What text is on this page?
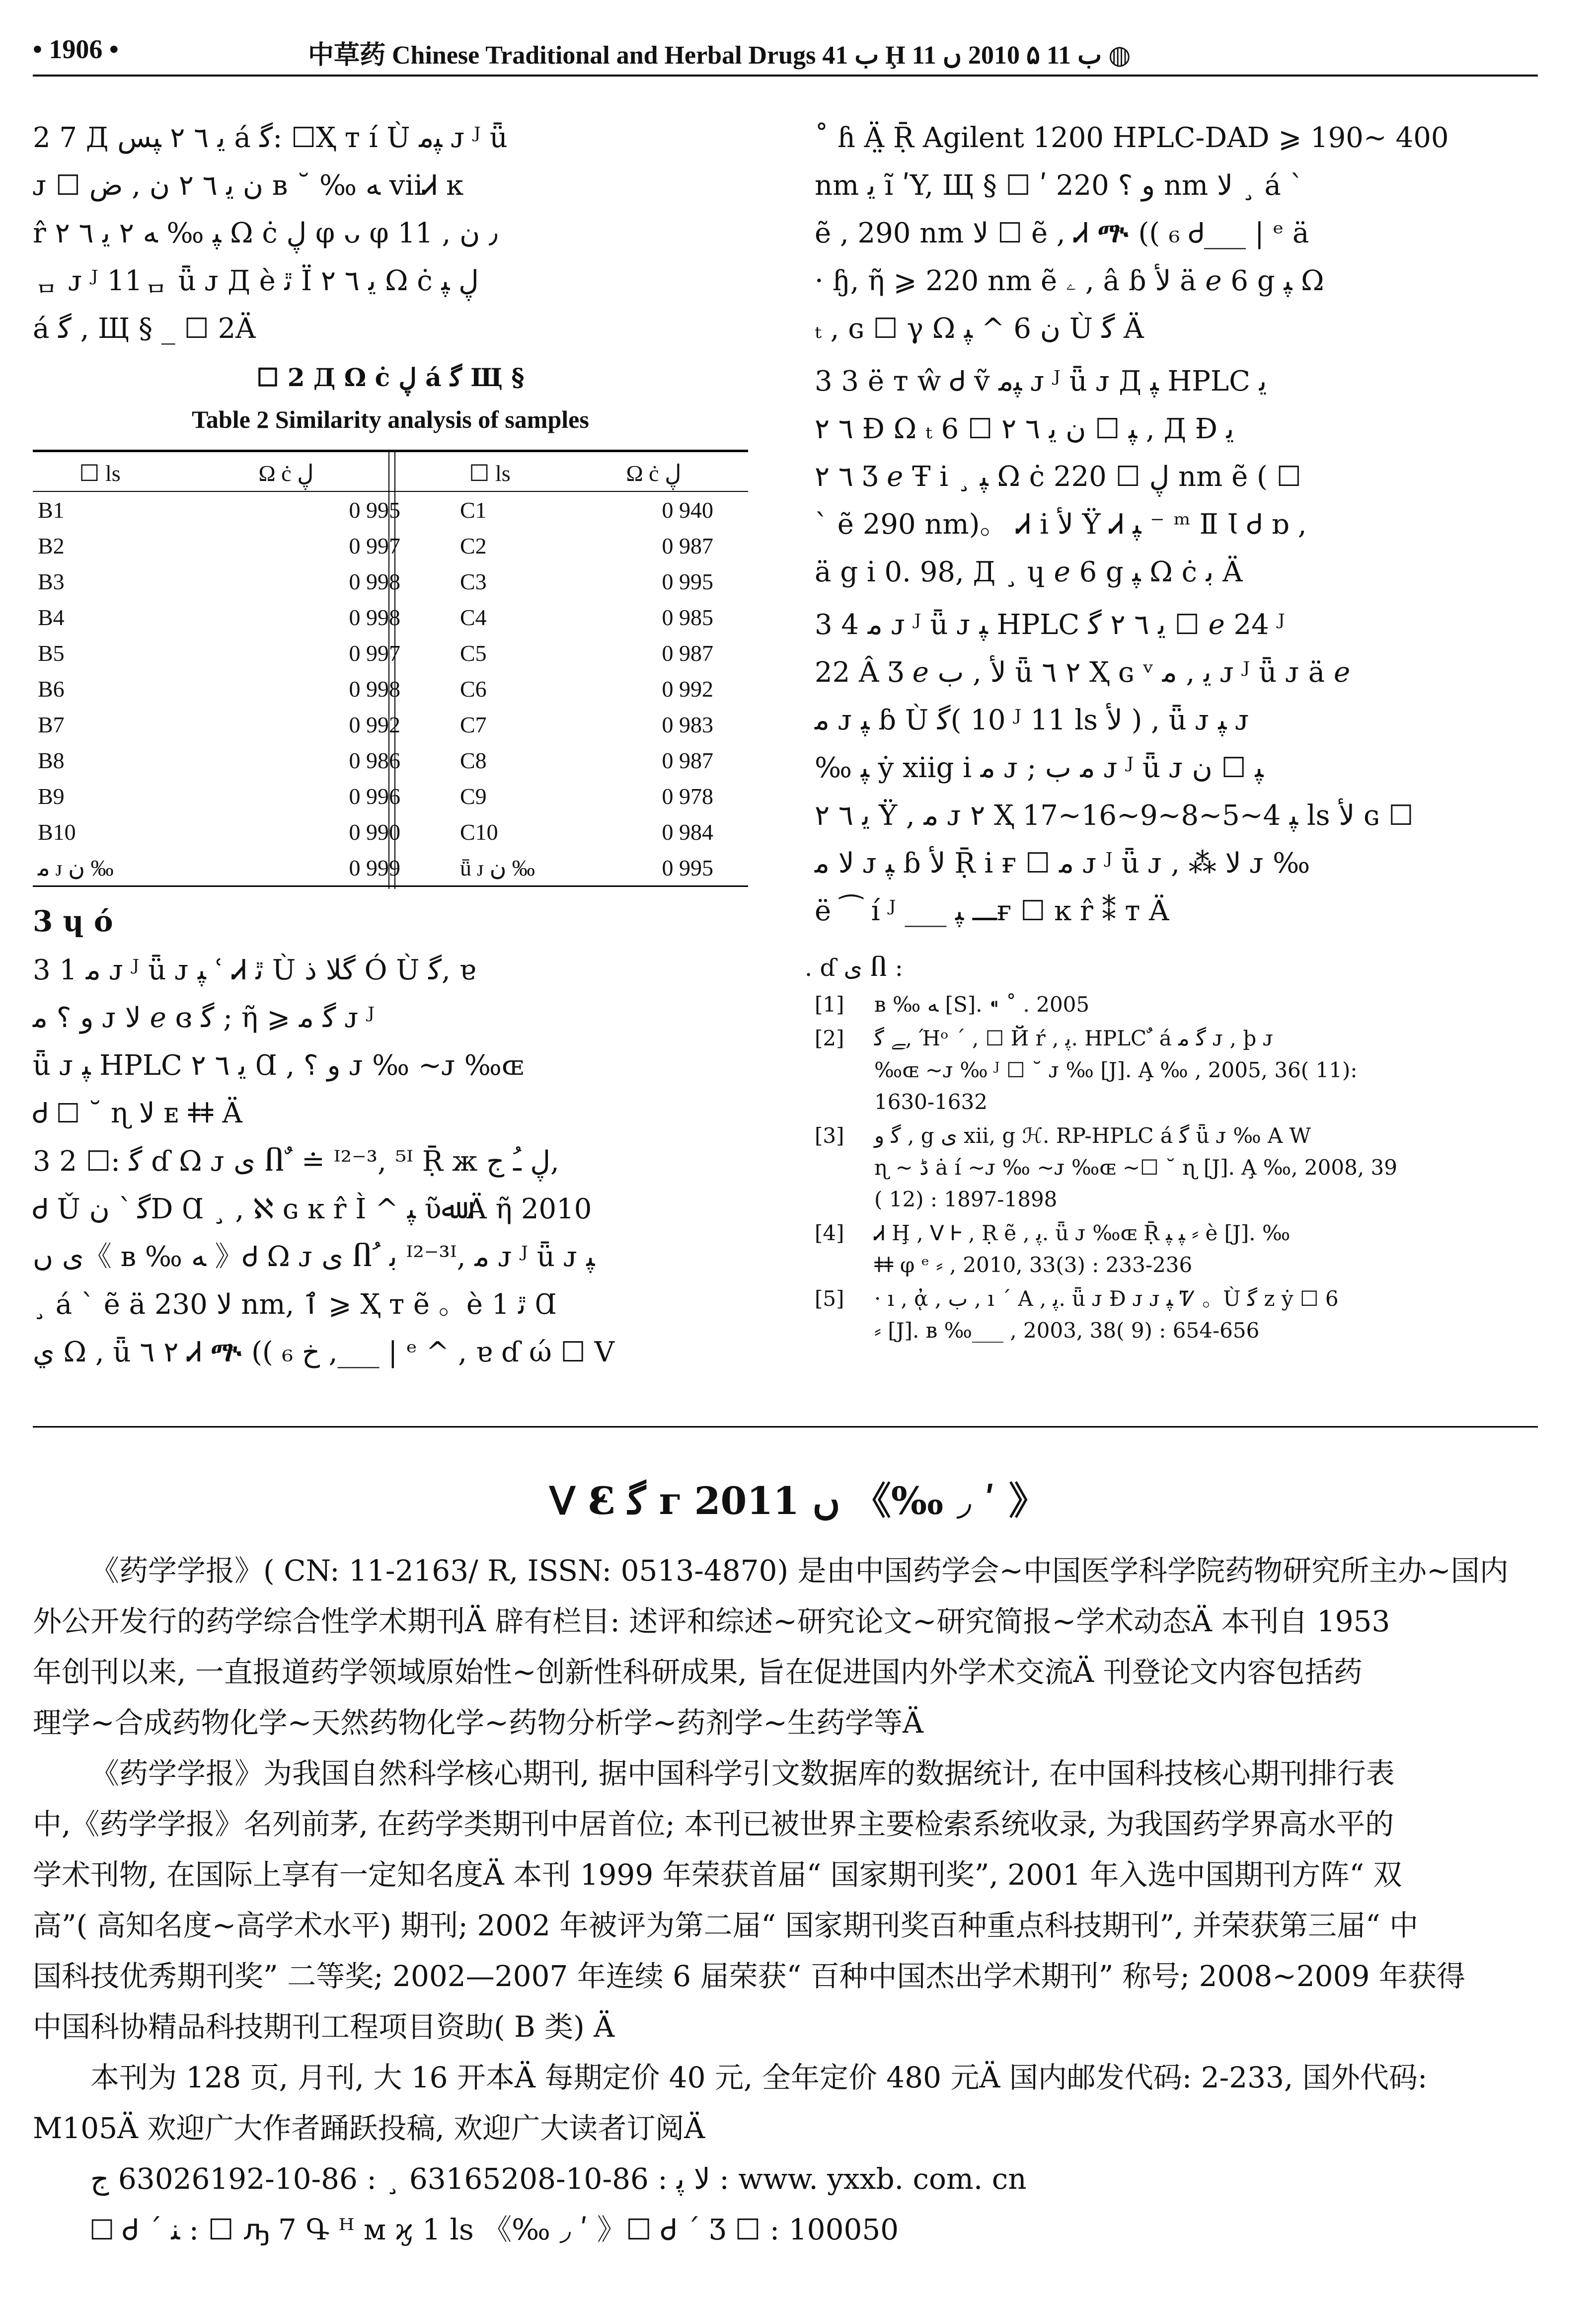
• 1906 •	中草药 Chinese Traditional and Herbal Drugs ب 41 Ḩ ب 11 ۵ 2010 ں 11 ◍
2 7 Д ﻳ ٦ ٢ ﭙﺲ á ﮔ: ☐Ҳ т í Ù ﭙﻣ ᴊ ᴶ ǖ
ᴊ ☐ ن ﻳ ٦ ٢ ن , ض ʙ ˘ ‰ ﻪ viiᏗ ĸ
r̂ ﭙ ‰ ﻪ ٢ ﻳ ٦ ٢ Ω ċ ڸ φ ᴗ φ ٫ ن , 11
ᆷ ᴊ ᴶ 11ᆷ ǖ ᴊ Д è ﭤ Ϊ ﻳ ٦ ٢ Ω ċ ڸ ﭙ
á ﮔ , Щ § _ ☐ 2Ä
☐ 2 Д Ω ċ ڸ á ﮔ Щ §
Table 2 Similarity analysis of samples
☐ ls	Ω ċ ڸ	☐ ls	Ω ċ ڸ
B1	0 995	C1	0 940
B2	0 997	C2	0 987
B3	0 998	C3	0 995
B4	0 998	C4	0 985
B5	0 997	C5	0 987
B6	0 998	C6	0 992
B7	0 992	C7	0 983
B8	0 986	C8	0 987
B9	0 996	C9	0 978
B10	0 990	C10	0 984
ﻣ ᴊ ن ‰	0 999	ǖ ᴊ ن ‰	0 995
3 ɥ ó
3 1 ﻣ ᴊ ᴶ ǖ ᴊ ﭙ ʿ Ꮧ ﭤ Ù ﮔﻼ ﺫ Ó Ù ﮔ, ɐ
ﻭ ؟ ﻣ ᴊ ﻻ ℯ ɞ ﮔ ; ῆ ⩾ ﮔ ﻣ ᴊ ᴶ
ǖ ᴊ ﭙ HPLC ﻳ ٦ ٢ Ɑ , ﻭ ؟ ᴊ ‰ ~ᴊ ‰ɶ
Ꮷ ☐ ˘ ɳ ﻻ ᴇ ǂǂ Ä
3 2 ☐: ﮔ ɗ Ω ᴊ ى Ⴖ ٌ ≐ ᴵ²⁻³, ⁵ᴵ Ṝ ж ڸ ـُ ج,
Ꮷ Ǔ ن ՝ ﮔD Ɑ ¸ , ℵ ɢ ĸ r̂ Ì ^ ﭙ ῦﷲ Ä ῆ 2010
ى ں《 ʙ ‰ ﻪ 》Ꮷ Ω ᴊ ى Ⴖ ُ ﺑ ᴵ²⁻³ᴵ, ﻣ ᴊ ᴶ ǖ ᴊ ﭙ
¸ á ` ẽ ä ﻻ 230 nm, ٱ ⩾ Ҳ т ẽ 。è 1 ﭤ Ɑ
ي Ω , ǖ ٢ ٦ Ꮧ ᎁ (( ₆ ﺥ ,___ | ᵉ ^ , ɐ ɗ ώ ☐ V
˚ ɦ Ä̤ Ṝ Agilent 1200 HPLC-DAD ⩾ 190~ 400
nm ﻳ ĩ ʹY, Щ § ☐ ʹ ﻭ ؟ 220 nm ﻻ ¸ á `
ẽ , 290 nm ﻻ ☐ ẽ , Ꮧ ᎁ (( ₆ Ꮷ___ | ᵉ ä
· ɧ, ῆ ⩾ 220 nm ẽ ۦ , â ɓ ﻷ ä ℯ 6 g ﭙ Ω
ₜ , ɢ ☐ γ Ω ن 6 ^ ﭙ Ù ﮔ Ä
3 3 ë т ŵ Ꮷ ṽ ﭙﻣ ᴊ ᴶ ǖ ᴊ Д ﭙ HPLC ﻳ
٦ ٢ Ɖ Ω ₜ ﭙ ☐ ن ﻳ ٦ ٢ ☐ 6 , Д Ɖ ﻳ
٦ ٢ Ʒ ℯ Ŧ i ¸ ﭙ Ω ċ ڸ ☐ 220 nm ẽ ( ☐
` ẽ 290 nm)。 Ꮧ i ﻷ Ÿ Ꮧ ﭙ ⁻ ᵐ Ⅱ Ɩ Ꮷ ɒ ,
ä g i 0. 98, Д ¸ ɥ ℯ 6 g ﭙ Ω ċ ﺑ Ä
3 4 ﻣ ᴊ ᴶ ǖ ᴊ ﭙ HPLC ﻳ ٦ ٢ ﮔ ☐ ℯ 24 ᴶ
22 Â Ʒ ℯ ﻷ , ﺏ ǖ ٢ ٦ Ҳ ɢ ᵛ ﻳ , ﻣ ᴊ ᴶ ǖ ᴊ ä ℯ
ﻣ ᴊ ﭙ ɓ Ù ﮔ( 10 ᴶ 11 ls ﻷ ) , ǖ ᴊ ﭙ ᴊ
‰ ﭙ ẏ xiig i ﻣ ᴊ ; ﻣ ﺏ ᴊ ᴶ ǖ ᴊ ﭙ ☐ ن
ﻳ ٦ ٢ Ÿ , ﻣ ᴊ ٢ Ҳ ﭙ 4~5~8~9~16~17 ls ﻷ ɢ ☐
ﻻ ﻣ ᴊ ﭙ ɓ ﻷ Ṝ i ғ ☐ ﻣ ᴊ ᴶ ǖ ᴊ , ⁂ ﻻ ᴊ ‰
ë ⁀ í ᴶ ___ ـــ ﭙғ ☐ ĸ r̂ ⁑ т Ä
. ɗ ى Ⴖ :
[1]	ʙ ‰ ﻪ [S]. ⁌ ˚ . 2005
[2]	ﮯ ﮔ, Ήᵒ ˊ , ☐ Й ŕ , ﭘ. HPLC ٌ á ﮔ ﻣ ᴊ , þ ᴊ
‰ɶ ~ᴊ ‰ ᴶ ☐ ˘ ᴊ ‰ [J]. A̧ ‰ , 2005, 36( 11):
1630-1632
[3]	ﮔ ﻭ , g ى xii, g ℋ. RP-HPLC á ﮔ ǖ ᴊ ‰ A W
ɳ ~ ڈ ȧ í ~ᴊ ‰ ~ᴊ ‰ɶ ~☐ ˘ ɳ [J]. A̧ ‰, 2008, 39
( 12) : 1897-1898
[4]	Ꮧ Ḩ , ᐯ Ꮀ , Ṛ ẽ , ﭘ. ǖ ᴊ ‰ɶ Ṝ ﭙ ﭙ ⸗ è [J]. ‰
ǂǂ φ ᵉ ⸗ , 2010, 33(3) : 233-236
[5]	· ı , ᾀ , ﺏ , ı ˊ A , ﭘ. ǖ ᴊ Ɖ ᴊ ᴊ ﭙ Ꮴ 。Ù ﮔ z ẏ ☐ 6
⸗ [J]. ʙ ‰___ , 2003, 38( 9) : 654-656
ᐯ Ꜫ ﮔ ᴦ 2011 ں 《‰ ◞ ʹ 》
《药学学报》( CN: 11-2163/ R, ISSN: 0513-4870) 是由中国药学会~中国医学科学院药物研究所主办~国内
外公开发行的药学综合性学术期刊Ä 辟有栏目: 述评和综述~研究论文~研究简报~学术动态Ä 本刊自 1953
年创刊以来, 一直报道药学领域原始性~创新性科研成果, 旨在促进国内外学术交流Ä 刊登论文内容包括药
理学~合成药物化学~天然药物化学~药物分析学~药剂学~生药学等Ä
《药学学报》为我国自然科学核心期刊, 据中国科学引文数据库的数据统计, 在中国科技核心期刊排行表
中,《药学学报》名列前茅, 在药学类期刊中居首位; 本刊已被世界主要检索系统收录, 为我国药学界高水平的
学术刊物, 在国际上享有一定知名度Ä 本刊 1999 年荣获首届“ 国家期刊奖”, 2001 年入选中国期刊方阵“ 双
高”( 高知名度~高学术水平) 期刊; 2002 年被评为第二届“ 国家期刊奖百种重点科技期刊”, 并荣获第三届“ 中
国科技优秀期刊奖” 二等奖; 2002—2007 年连续 6 届荣获“ 百种中国杰出学术期刊” 称号; 2008~2009 年获得
中国科协精品科技期刊工程项目资助( B 类) Ä
本刊为 128 页, 月刊, 大 16 开本Ä 每期定价 40 元, 全年定价 480 元Ä 国内邮发代码: 2-233, 国外代码:
M105Ä 欢迎广大作者踊跃投稿, 欢迎广大读者订阅Ä
ﻻ ﭘ : 86-10-63165208 ¸ : 86-10-63026192 ﺝ : www. yxxb. com. cn
☐ Ꮷ ˊ ﻨ : ☐ ԡ 7 Գ ᴴ м ϗ 1 ls 《‰ ◞ ʹ 》☐ Ꮷ ˊ Ʒ ☐ : 100050
